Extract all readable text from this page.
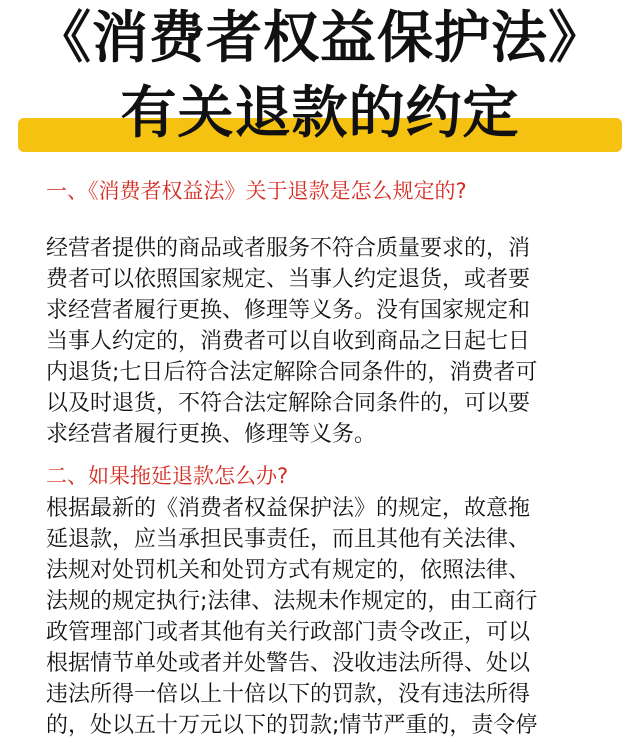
《消费者权益保护法》
有关退款的约定
一、《消费者权益法》关于退款是怎么规定的?
经营者提供的商品或者服务不符合质量要求的，消
费者可以依照国家规定、当事人约定退货，或者要
求经营者履行更换、修理等义务。没有国家规定和
当事人约定的，消费者可以自收到商品之日起七日
内退货;七日后符合法定解除合同条件的，消费者可
以及时退货，不符合法定解除合同条件的，可以要
求经营者履行更换、修理等义务。
二、如果拖延退款怎么办?
根据最新的《消费者权益保护法》的规定，故意拖
延退款，应当承担民事责任，而且其他有关法律、
法规对处罚机关和处罚方式有规定的，依照法律、
法规的规定执行;法律、法规未作规定的，由工商行
政管理部门或者其他有关行政部门责令改正，可以
根据情节单处或者并处警告、没收违法所得、处以
违法所得一倍以上十倍以下的罚款，没有违法所得
的，处以五十万元以下的罚款;情节严重的，责令停
